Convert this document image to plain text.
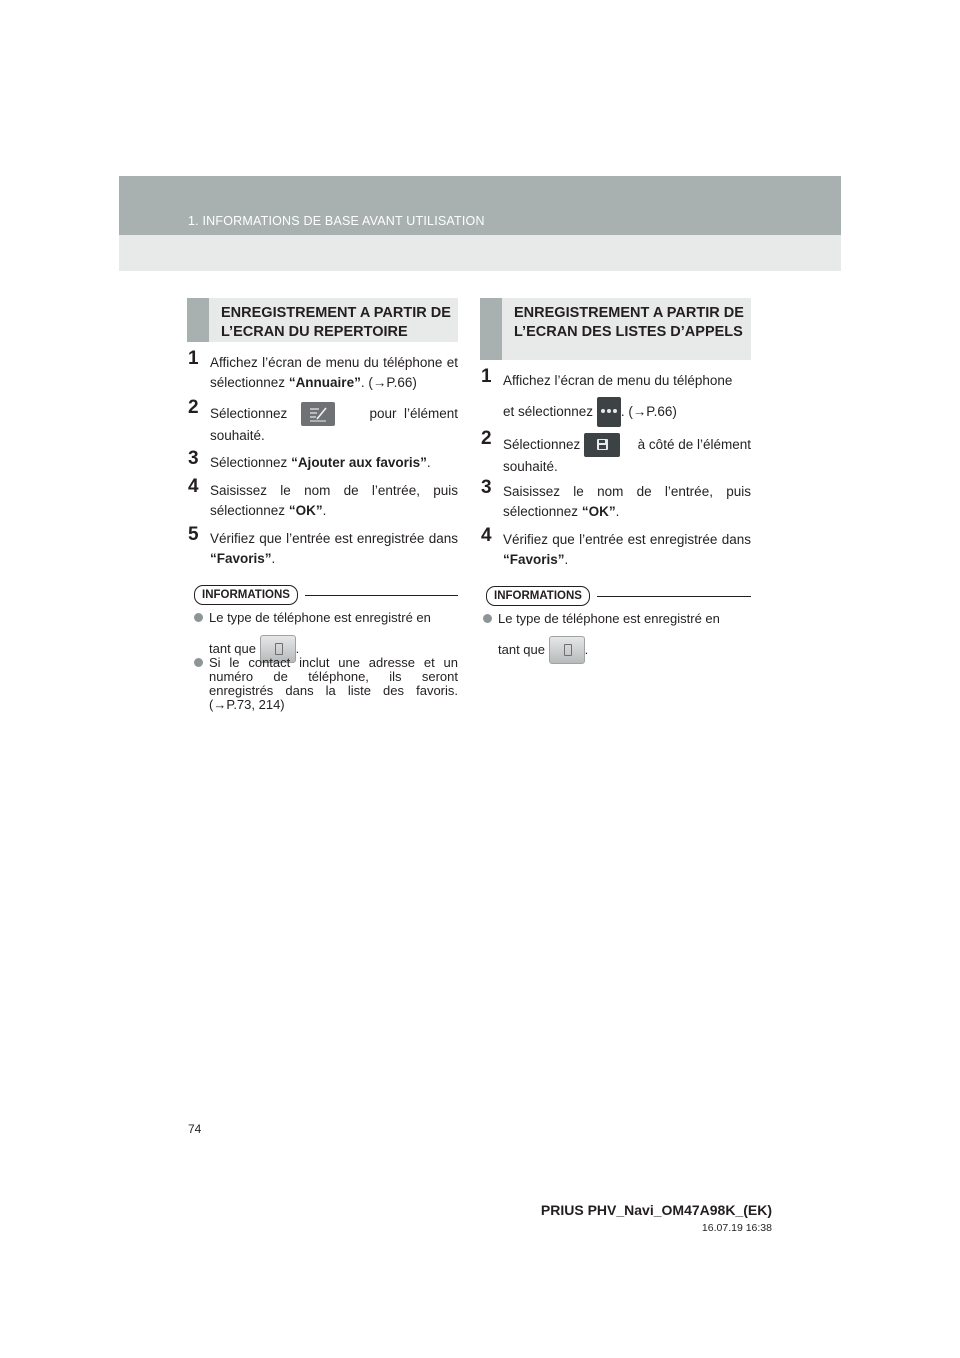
1. INFORMATIONS DE BASE AVANT UTILISATION
ENREGISTREMENT A PARTIR DE L’ECRAN DU REPERTOIRE
1 Affichez l’écran de menu du téléphone et sélectionnez “Annuaire”. (→P.66)
2 Sélectionnez	pour  l’élément
souhaité.
3 Sélectionnez “Ajouter aux favoris”.
4 Saisissez le nom de l’entrée, puis sélectionnez “OK”.
5 Vérifiez que l’entrée est enregistrée dans “Favoris”.
INFORMATIONS
Le type de téléphone est enregistré en
tant que	.
Si le contact inclut une adresse et un numéro de téléphone, ils seront enregistrés dans la liste des favoris. (→P.73, 214)
ENREGISTREMENT A PARTIR DE L’ECRAN DES LISTES D’APPELS
1 Affichez l’écran de menu du téléphone
et sélectionnez . (→P.66)
2 Sélectionnez	à côté de l’élément
souhaité.
3 Saisissez le nom de l’entrée, puis sélectionnez “OK”.
4 Vérifiez que l’entrée est enregistrée dans “Favoris”.
INFORMATIONS
Le type de téléphone est enregistré en
tant que	.
74
PRIUS PHV_Navi_OM47A98K_(EK)
16.07.19 16:38
